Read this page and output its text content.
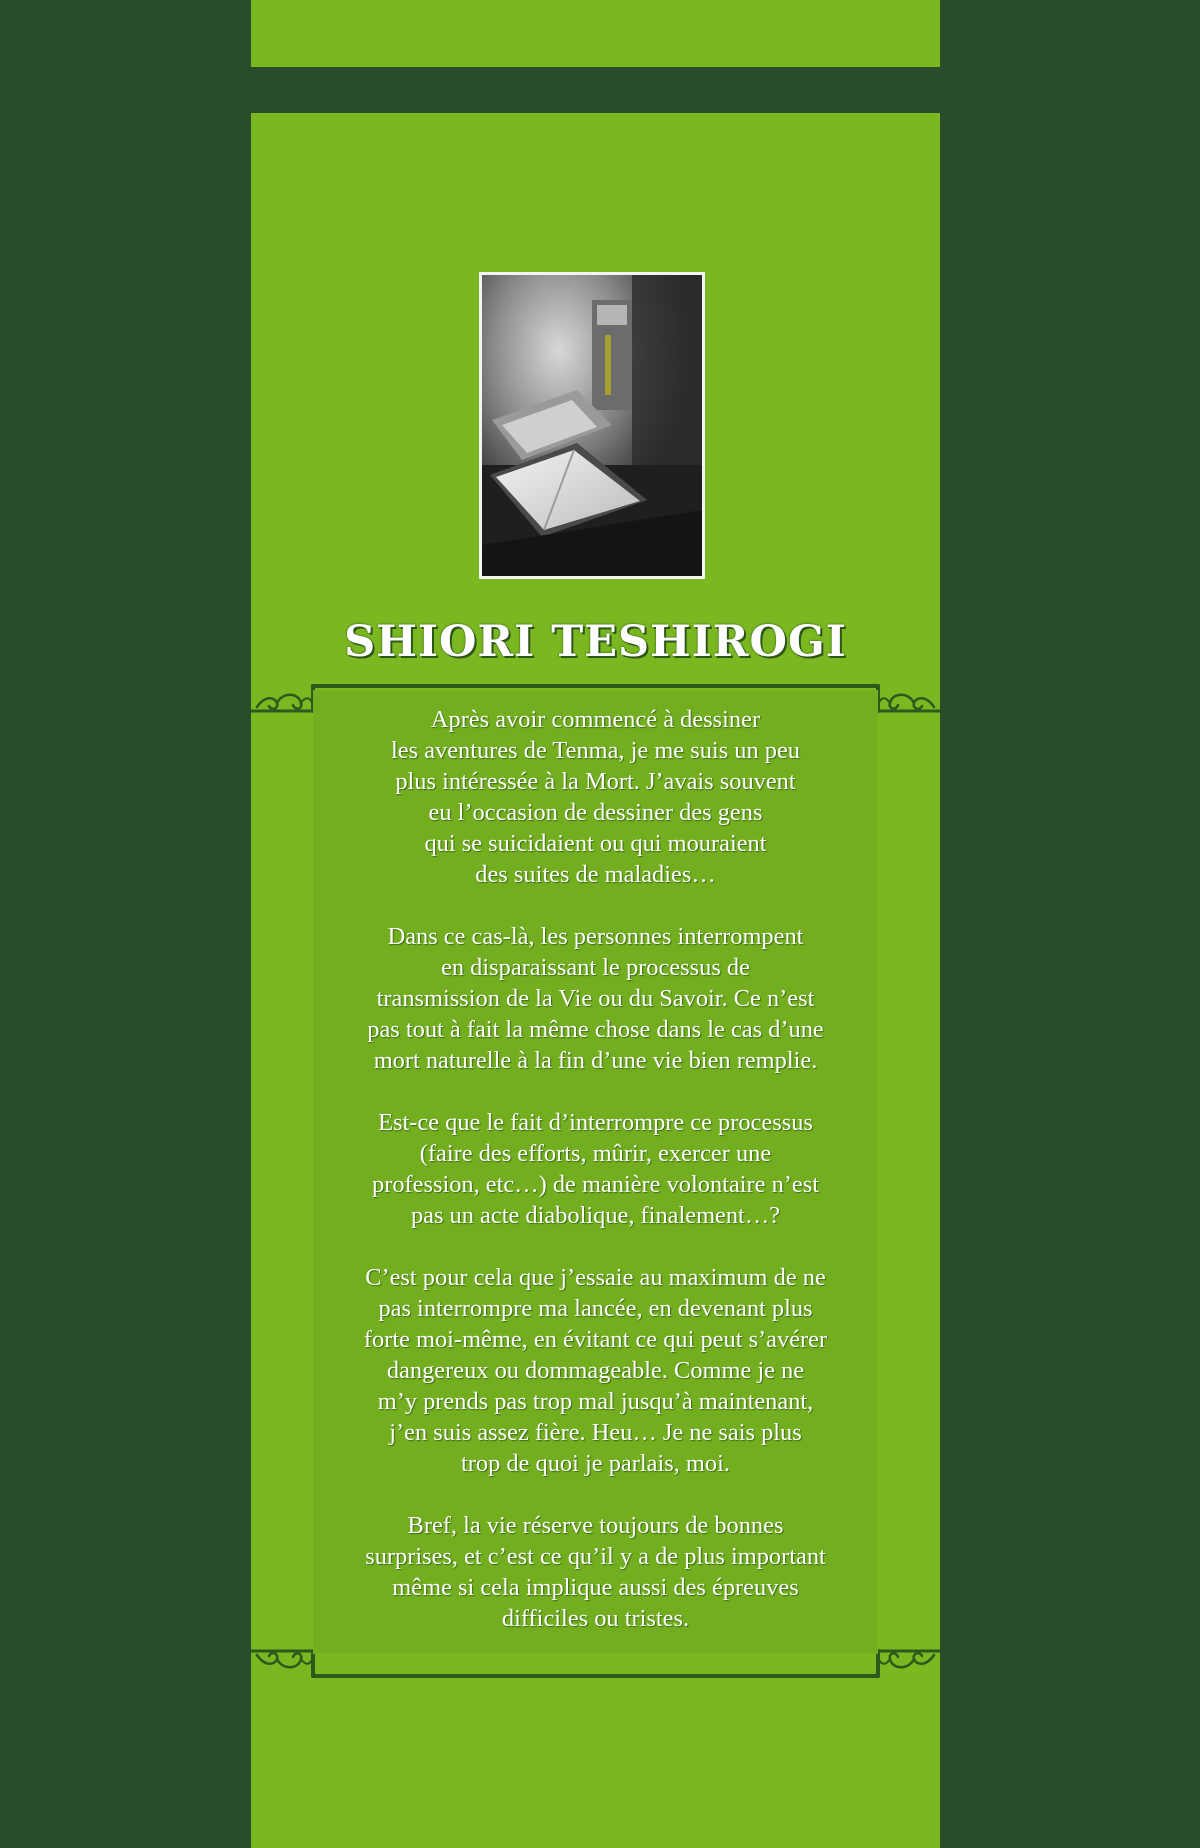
SHIORI TESHIROGI

Après avoir commencé à dessiner
les aventures de Tenma, je me suis un peu
plus intéressée à la Mort. J’avais souvent
eu l’occasion de dessiner des gens
qui se suicidaient ou qui mouraient
des suites de maladies…

Dans ce cas-là, les personnes interrompent
en disparaissant le processus de
transmission de la Vie ou du Savoir. Ce n’est
pas tout à fait la même chose dans le cas d’une
mort naturelle à la fin d’une vie bien remplie.

Est-ce que le fait d’interrompre ce processus
(faire des efforts, mûrir, exercer une
profession, etc…) de manière volontaire n’est
pas un acte diabolique, finalement…?

C’est pour cela que j’essaie au maximum de ne
pas interrompre ma lancée, en devenant plus
forte moi-même, en évitant ce qui peut s’avérer
dangereux ou dommageable. Comme je ne
m’y prends pas trop mal jusqu’à maintenant,
j’en suis assez fière. Heu… Je ne sais plus
trop de quoi je parlais, moi.

Bref, la vie réserve toujours de bonnes
surprises, et c’est ce qu’il y a de plus important
même si cela implique aussi des épreuves
difficiles ou tristes.
